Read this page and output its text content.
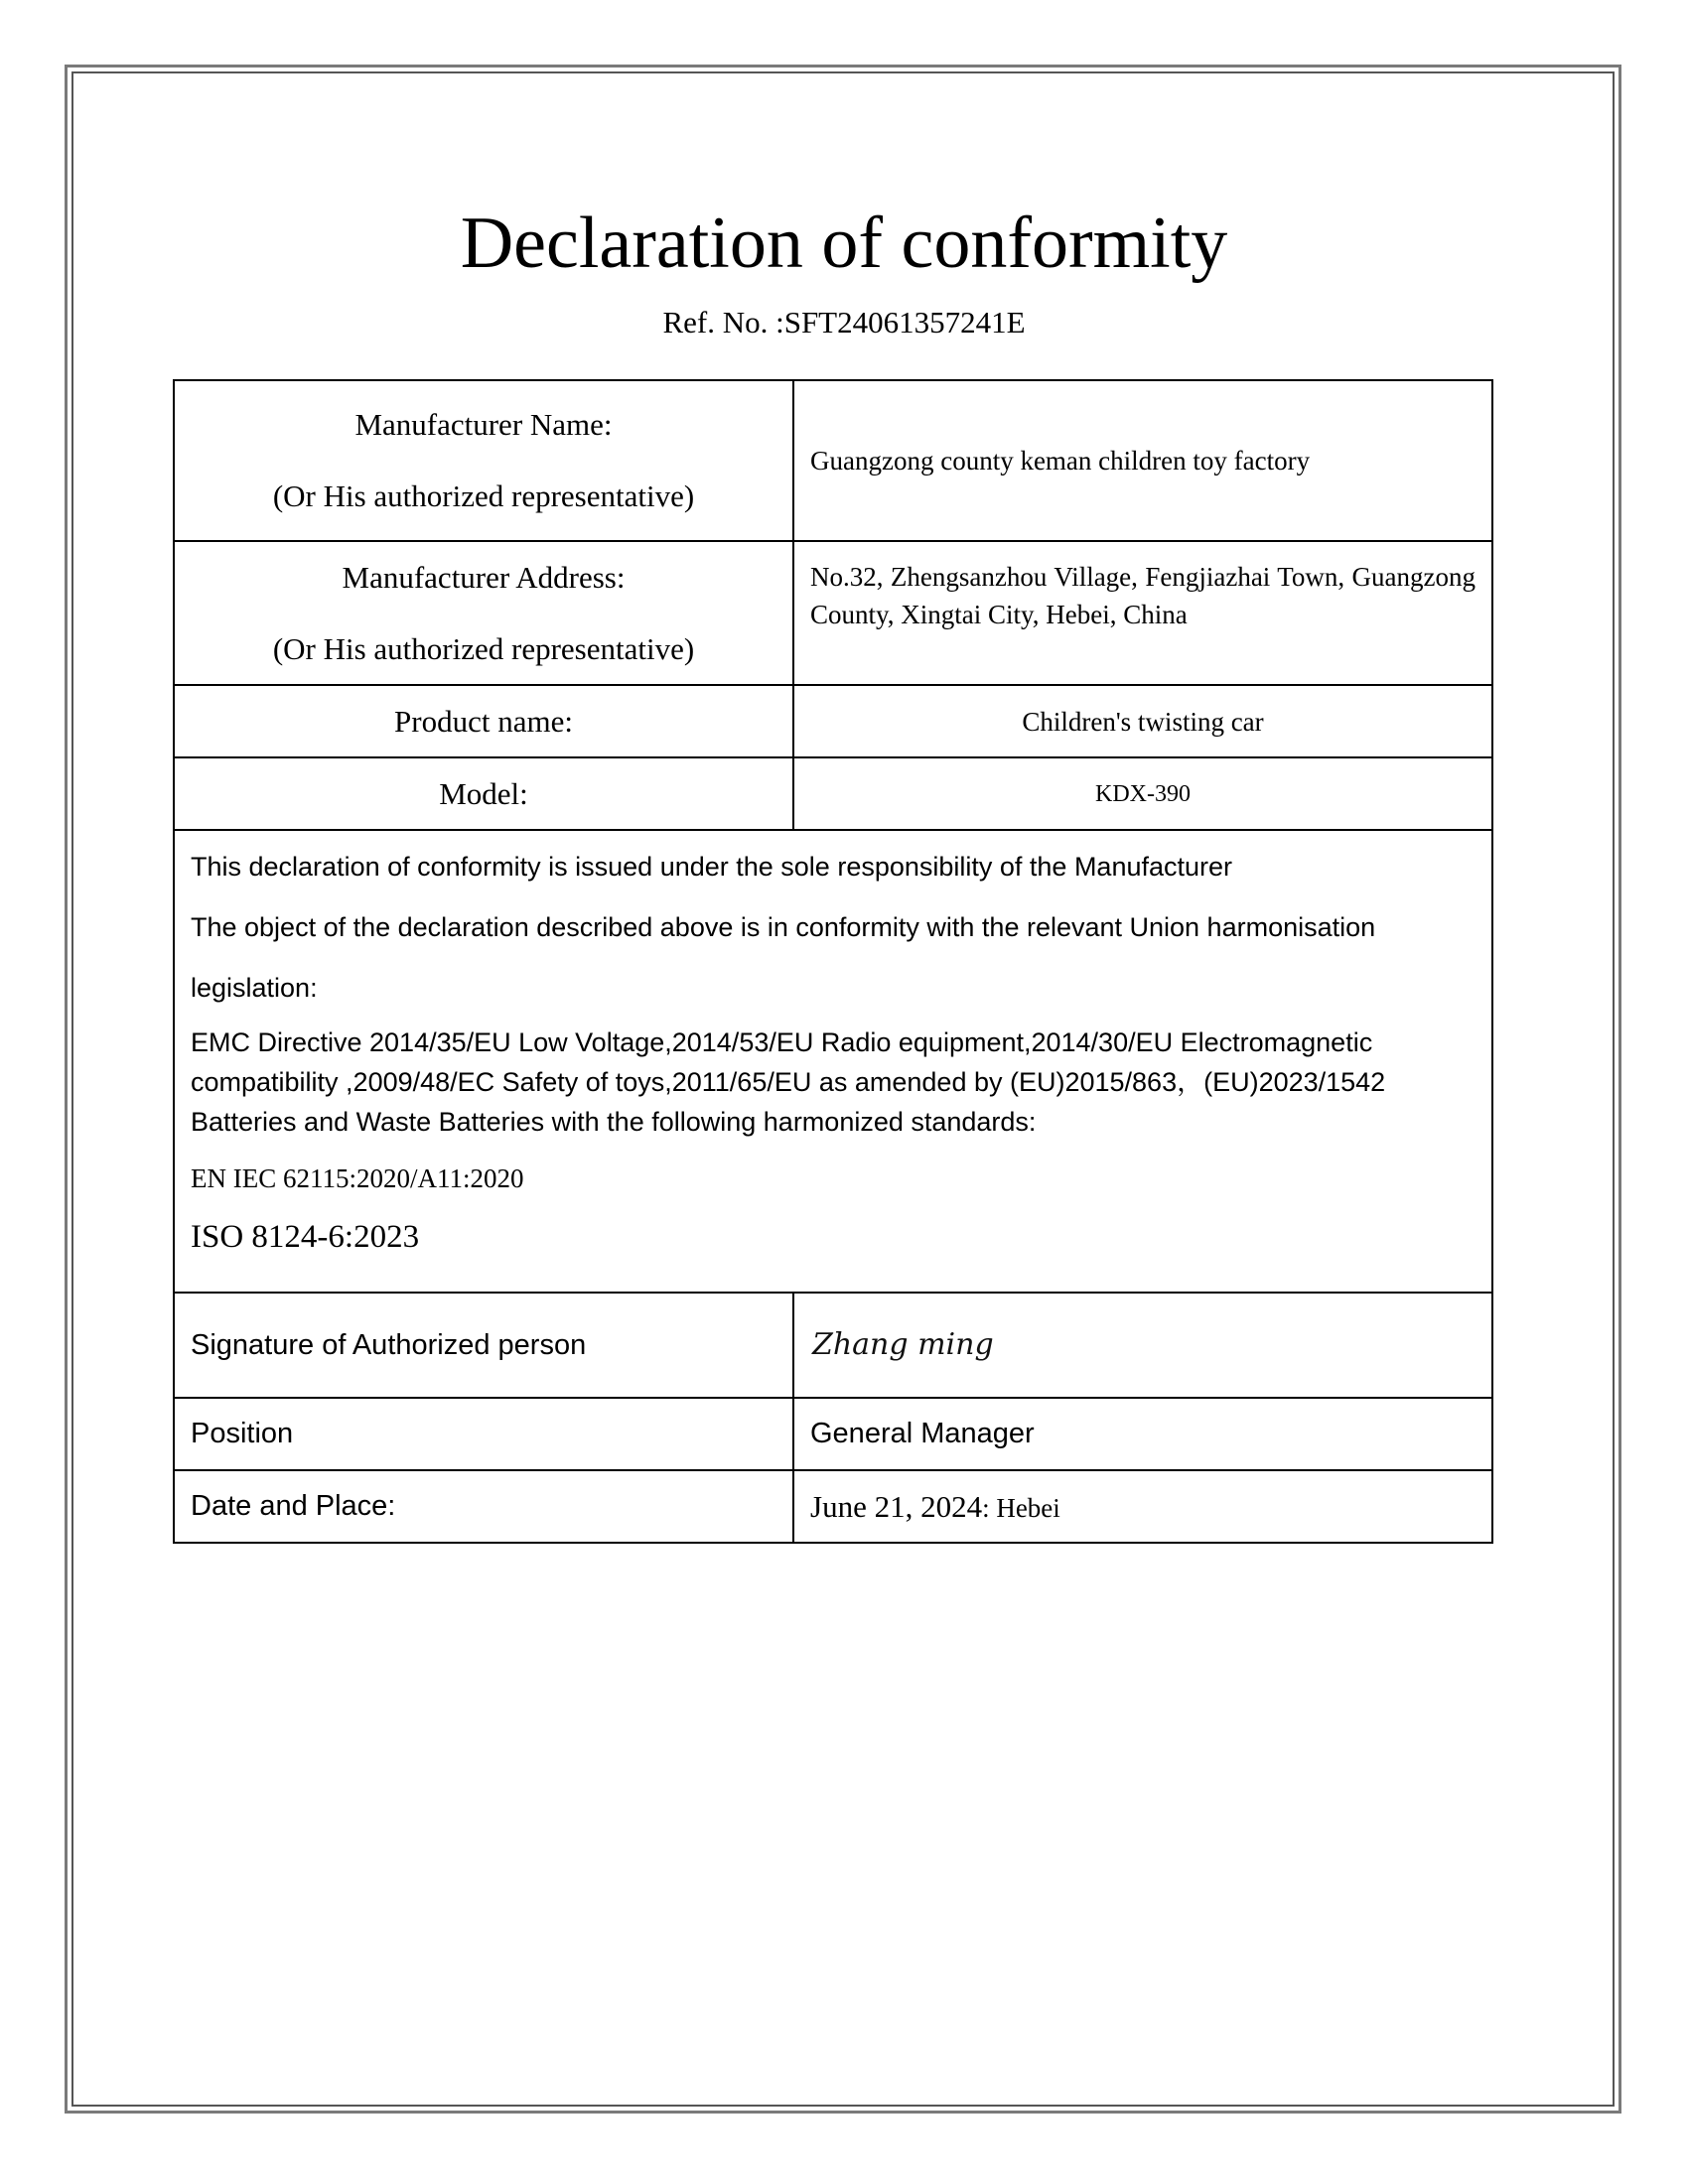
Declaration of conformity
Ref. No. :SFT24061357241E
Manufacturer Name:
(Or His authorized representative)	Guangzong county keman children toy factory
Manufacturer Address:
(Or His authorized representative)	No.32, Zhengsanzhou Village, Fengjiazhai Town, Guangzong County, Xingtai City, Hebei, China
Product name:	Children's twisting car
Model:	KDX-390

This declaration of conformity is issued under the sole responsibility of the Manufacturer

The object of the declaration described above is in conformity with the relevant Union harmonisation legislation:

EMC Directive 2014/35/EU Low Voltage,2014/53/EU Radio equipment,2014/30/EU Electromagnetic compatibility ,2009/48/EC Safety of toys,2011/65/EU as amended by (EU)2015/863，(EU)2023/1542 Batteries and Waste Batteries with the following harmonized standards:

EN IEC 62115:2020/A11:2020

ISO 8124-6:2023	

Signature of Authorized person	Zhang ming

Position	General Manager
Date and Place:	June 21, 2024: Hebei
